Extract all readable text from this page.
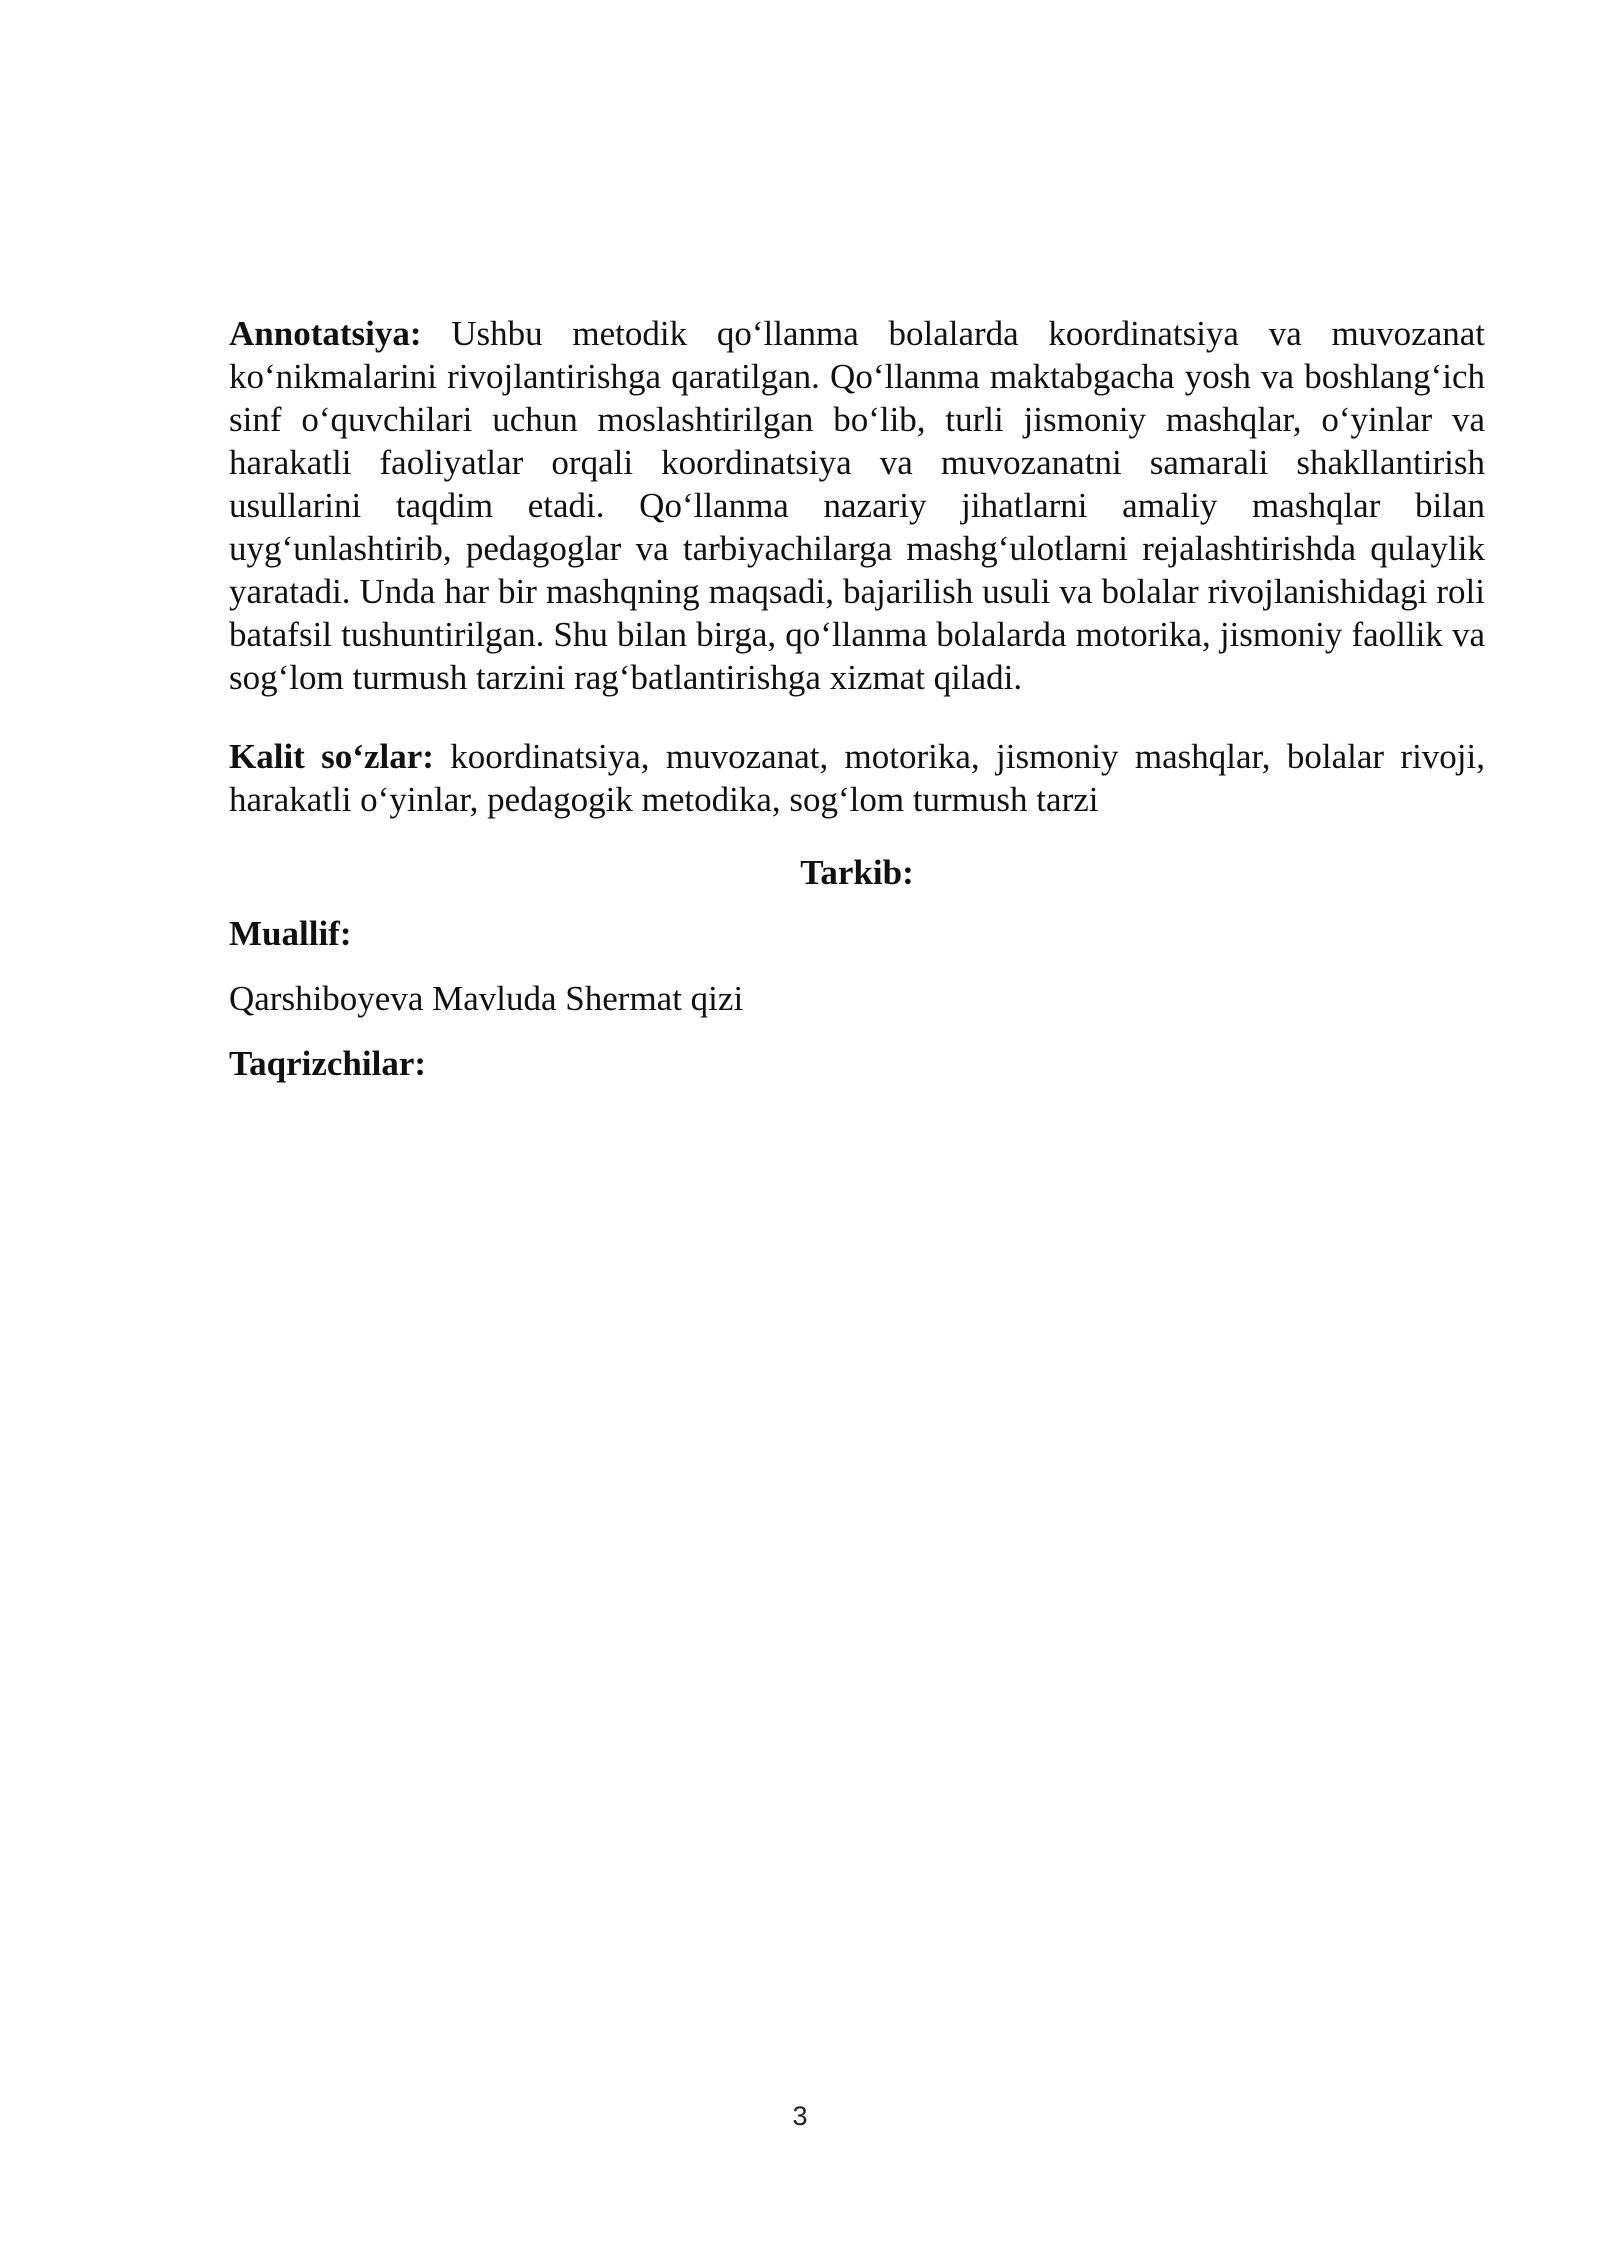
Annotatsiya: Ushbu metodik qo‘llanma bolalarda koordinatsiya va muvozanat ko‘nikmalarini rivojlantirishga qaratilgan. Qo‘llanma maktabgacha yosh va boshlang‘ich sinf o‘quvchilari uchun moslashtirilgan bo‘lib, turli jismoniy mashqlar, o‘yinlar va harakatli faoliyatlar orqali koordinatsiya va muvozanatni samarali shakllantirish usullarini taqdim etadi. Qo‘llanma nazariy jihatlarni amaliy mashqlar bilan uyg‘unlashtirib, pedagoglar va tarbiyachilarga mashg‘ulotlarni rejalashtirishda qulaylik yaratadi. Unda har bir mashqning maqsadi, bajarilish usuli va bolalar rivojlanishidagi roli batafsil tushuntirilgan. Shu bilan birga, qo‘llanma bolalarda motorika, jismoniy faollik va sog‘lom turmush tarzini rag‘batlantirishga xizmat qiladi.

Kalit so‘zlar: koordinatsiya, muvozanat, motorika, jismoniy mashqlar, bolalar rivoji, harakatli o‘yinlar, pedagogik metodika, sog‘lom turmush tarzi

Tarkib:

Muallif:

Qarshiboyeva Mavluda Shermat qizi

Taqrizchilar:

3
